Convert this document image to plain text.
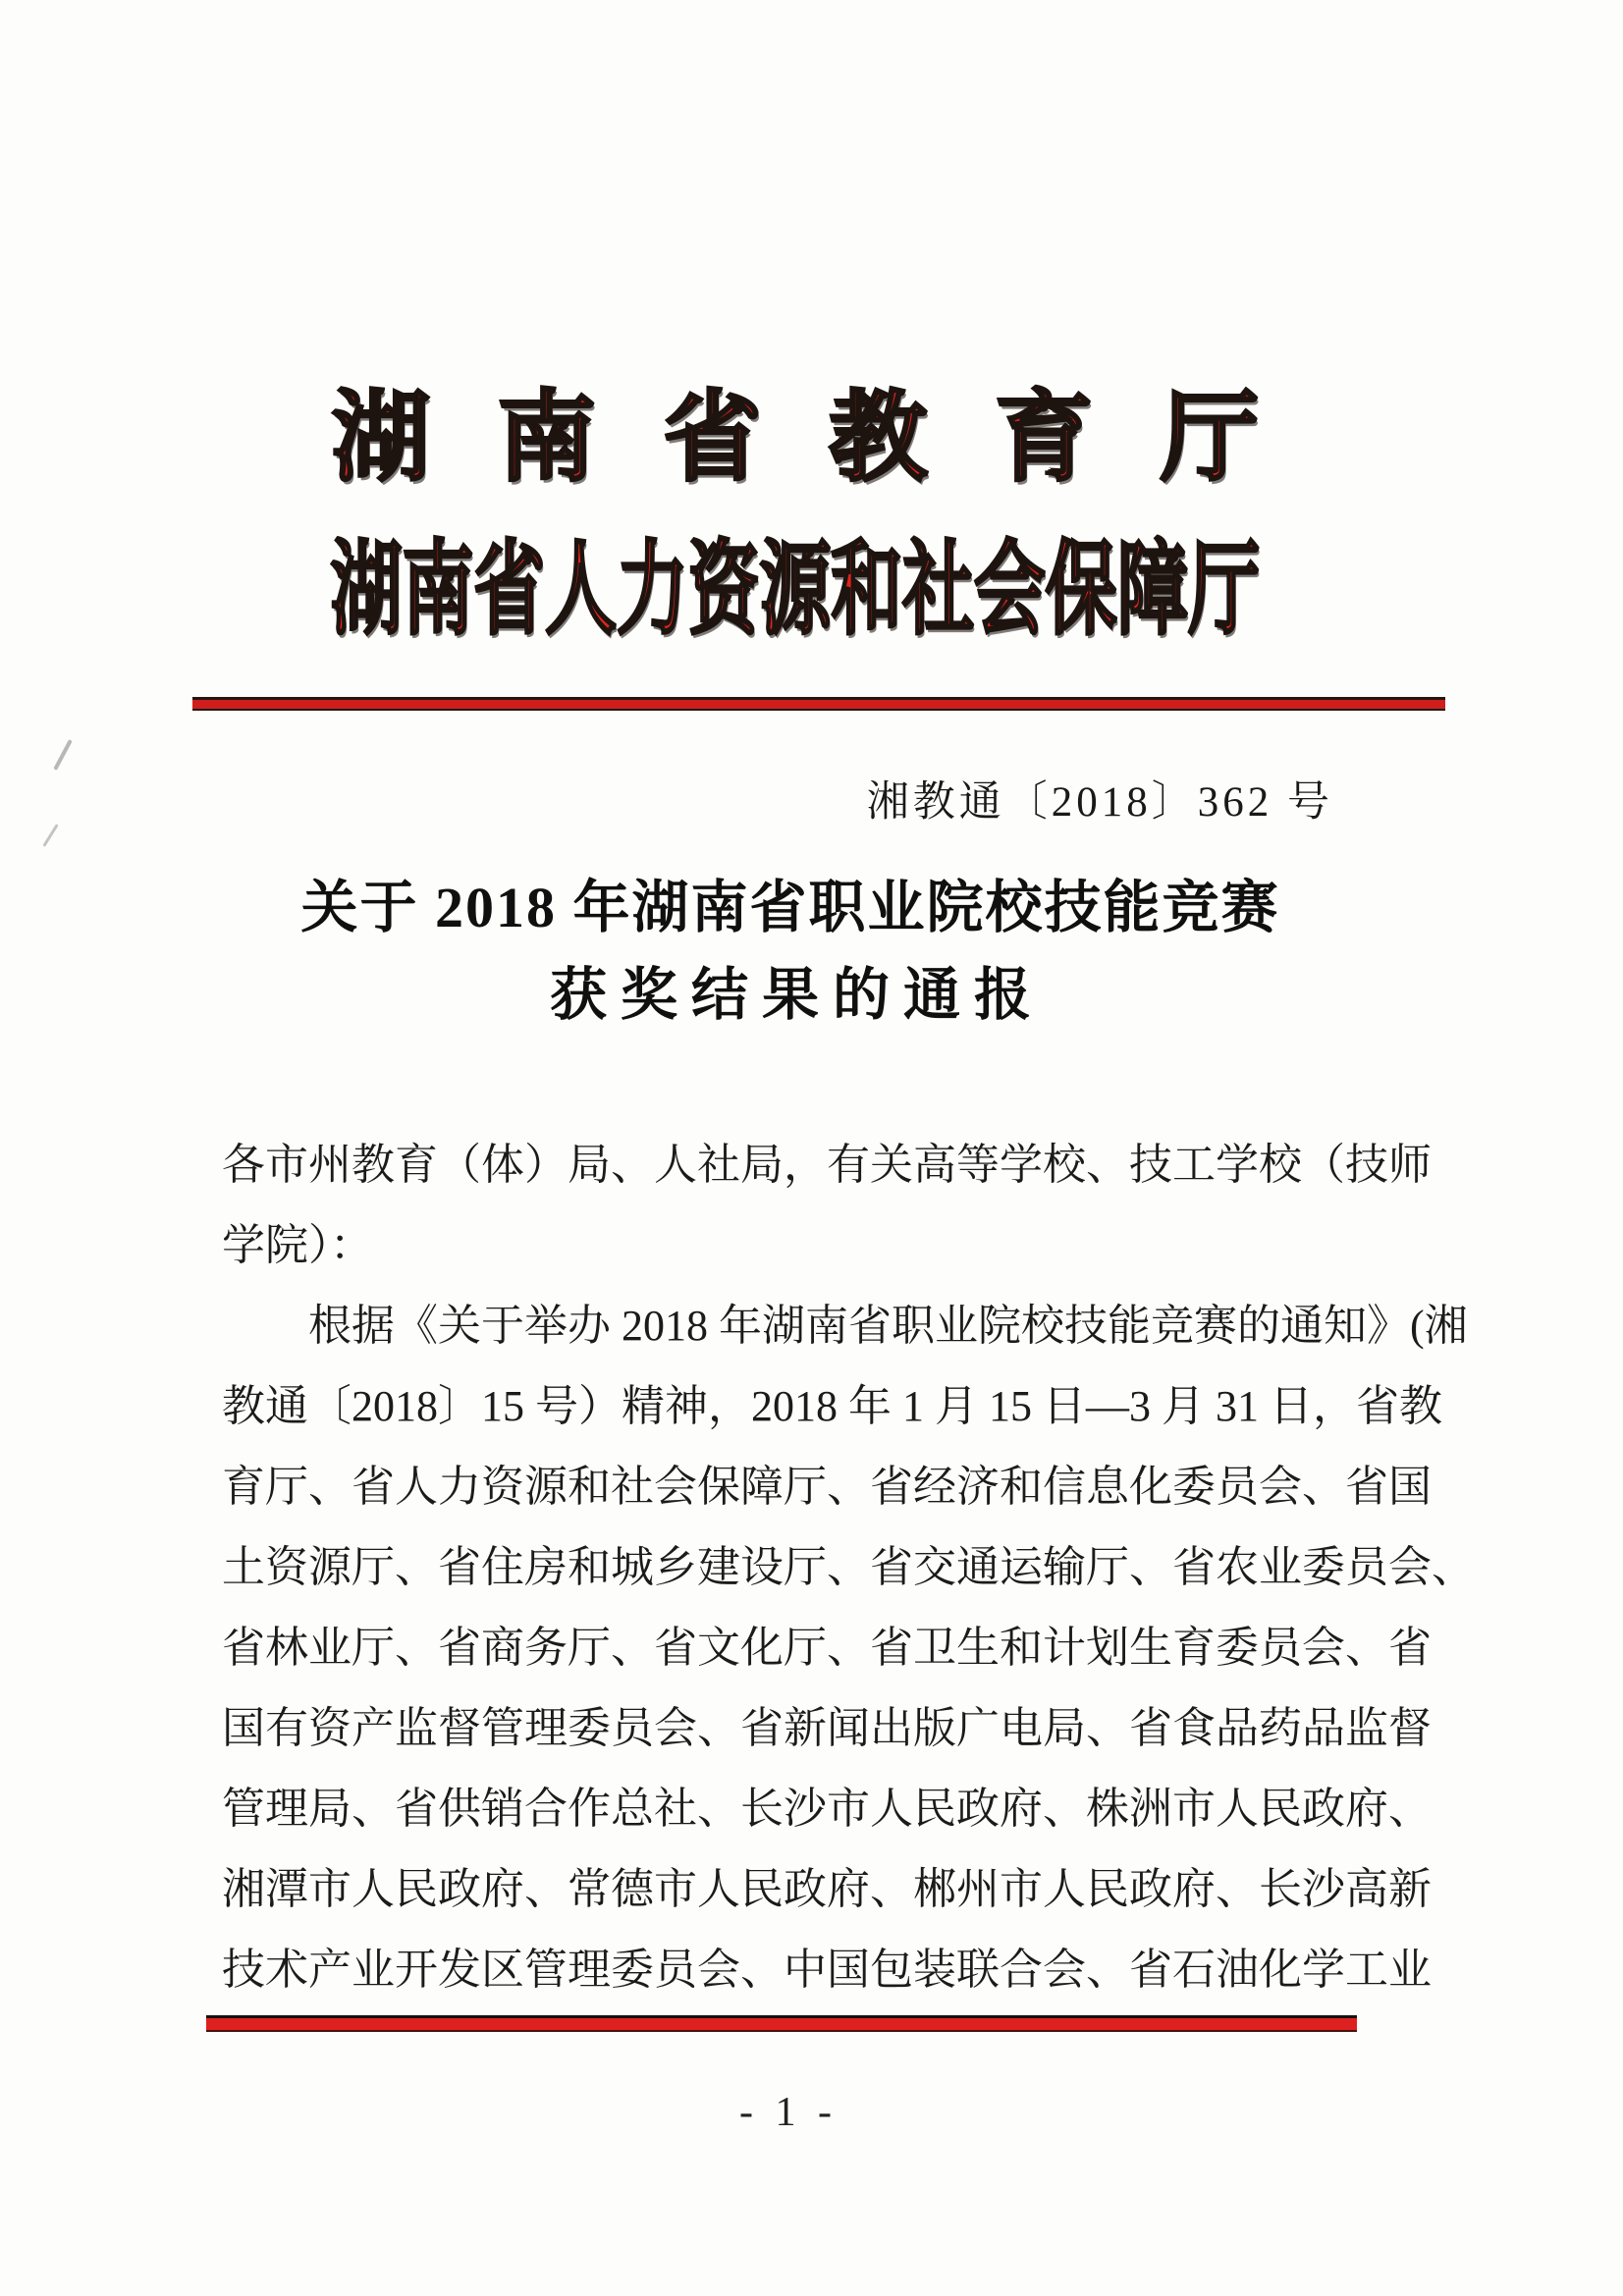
湖 南 省 教 育 厅
湖南省人力资源和社会保障厅
湘教通〔2018〕362 号
关于 2018 年湖南省职业院校技能竞赛
获奖结果的通报
各市州教育（体）局、人社局，有关高等学校、技工学校（技师
学院）：
根据《关于举办 2018 年湖南省职业院校技能竞赛的通知》(湘
教通〔2018〕15 号）精神，2018 年 1 月 15 日—3 月 31 日，省教
育厅、省人力资源和社会保障厅、省经济和信息化委员会、省国
土资源厅、省住房和城乡建设厅、省交通运输厅、省农业委员会、
省林业厅、省商务厅、省文化厅、省卫生和计划生育委员会、省
国有资产监督管理委员会、省新闻出版广电局、省食品药品监督
管理局、省供销合作总社、长沙市人民政府、株洲市人民政府、
湘潭市人民政府、常德市人民政府、郴州市人民政府、长沙高新
技术产业开发区管理委员会、中国包装联合会、省石油化学工业
- 1 -
